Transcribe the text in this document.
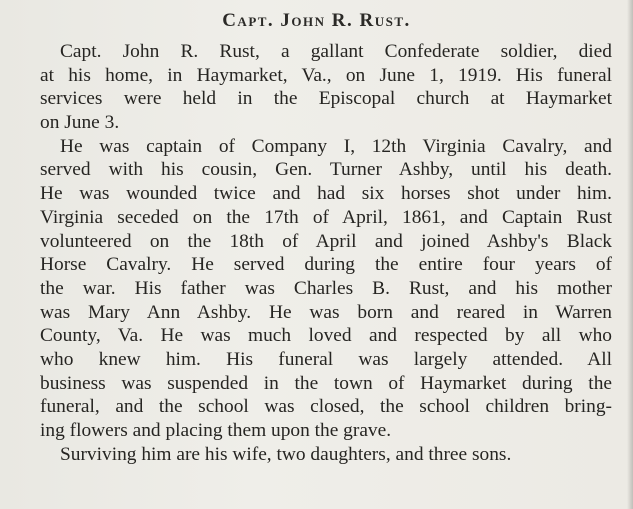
Capt. John R. Rust.
Capt. John R. Rust, a gallant Confederate soldier, died
at his home, in Haymarket, Va., on June 1, 1919. His funeral
services were held in the Episcopal church at Haymarket
on June 3.
He was captain of Company I, 12th Virginia Cavalry, and
served with his cousin, Gen. Turner Ashby, until his death.
He was wounded twice and had six horses shot under him.
Virginia seceded on the 17th of April, 1861, and Captain Rust
volunteered on the 18th of April and joined Ashby's Black
Horse Cavalry. He served during the entire four years of
the war. His father was Charles B. Rust, and his mother
was Mary Ann Ashby. He was born and reared in Warren
County, Va. He was much loved and respected by all who
who knew him. His funeral was largely attended. All
business was suspended in the town of Haymarket during the
funeral, and the school was closed, the school children bring-
ing flowers and placing them upon the grave.
Surviving him are his wife, two daughters, and three sons.
